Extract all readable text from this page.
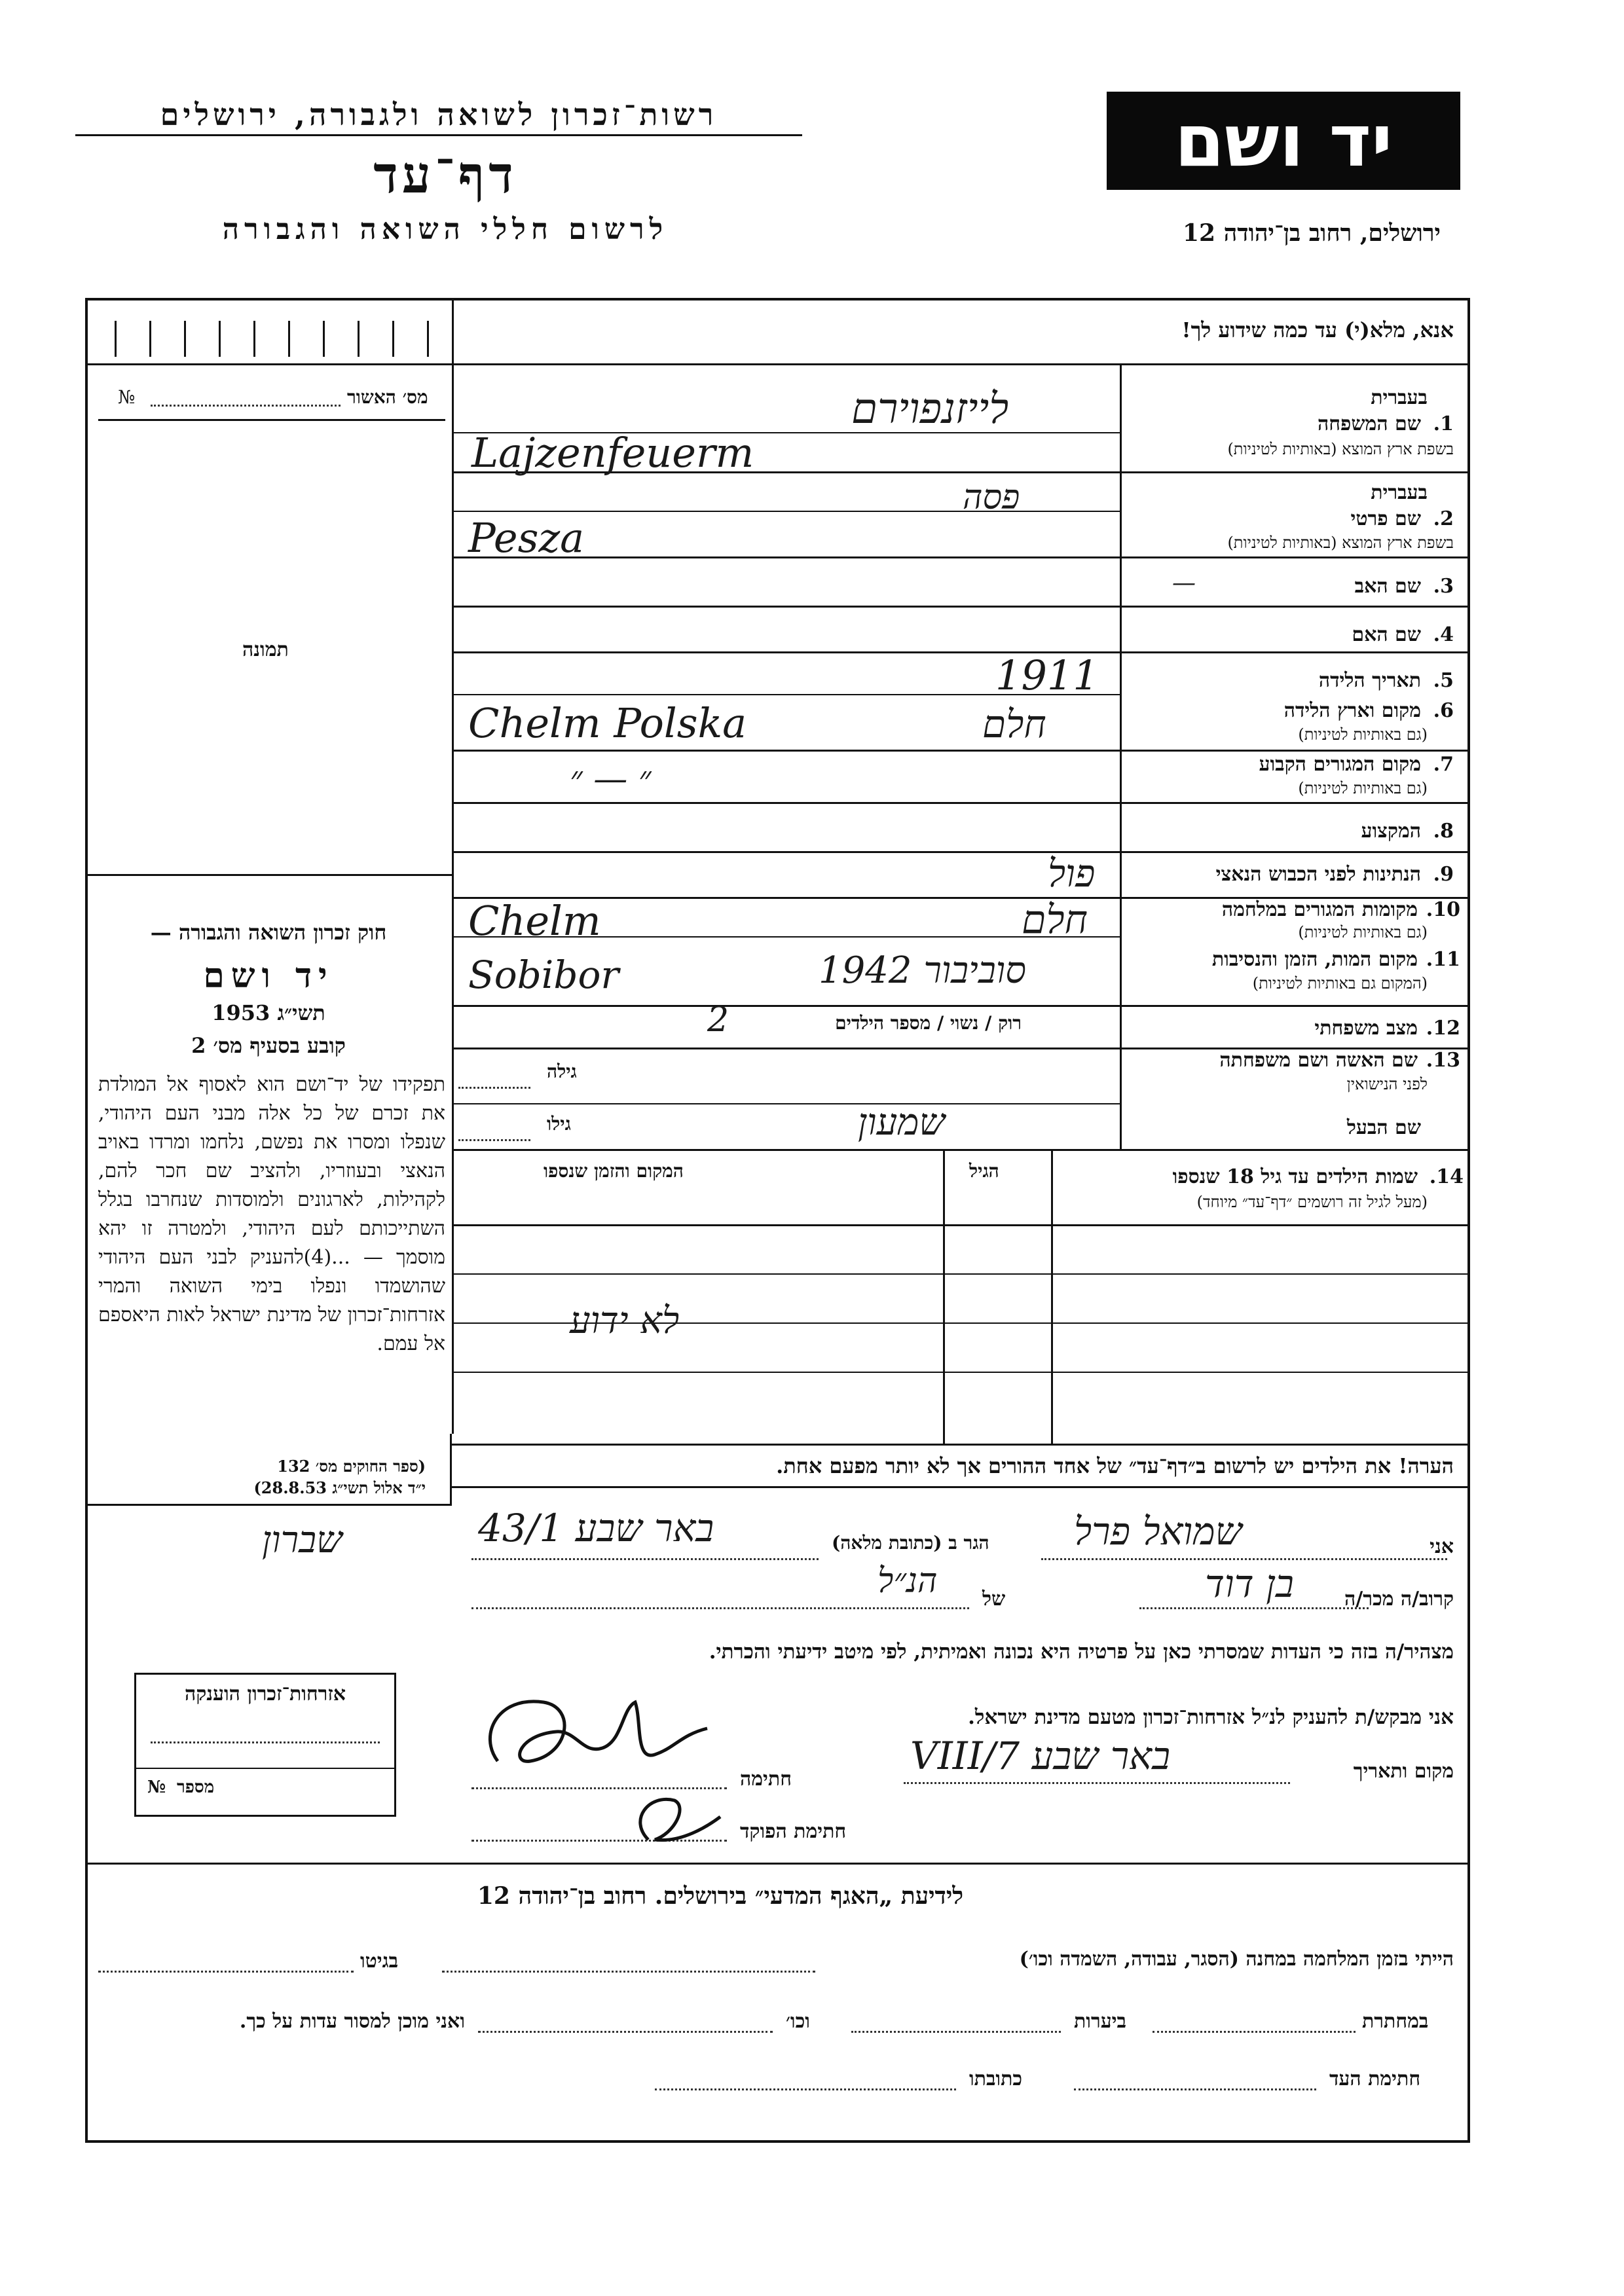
רשות־זכרון לשואה ולגבורה, ירושלים
דף־עד
לרשום חללי השואה והגבורה
יד ושם
ירושלים, רחוב בן־יהודה 12
מס׳ האשור
№
תמונה
חוק זכרון השואה והגבורה —
יד ושם
תשי״ג 1953
קובע בסעיף מס׳ 2
תפקידו של יד־ושם הוא לאסוף אל המולדת את זכרם של כל אלה מבני העם היהודי, שנפלו ומסרו את נפשם, נלחמו ומרדו באויב הנאצי ובעוזריו, ולהציב שם חכר להם, לקהילות, לארגונים ולמוסדות שנחרבו בגלל השתייכותם לעם היהודי, ולמטרה זו יהא מוסמך — ...(4)להעניק לבני העם היהודי שהושמדו ונפלו בימי השואה והמרי אזרחות־זכרון של מדינת ישראל לאות היאספם אל עמם.
(ספר החוקים מס׳ 132
י״ד אלול תשי״ג 28.8.53)
אנא, מלא(י) עד כמה שידוע לך!
בעברית
1.
שם המשפחה
בשפת ארץ המוצא (באותיות לטיניות)
בעברית
2.
שם פרטי
בשפת ארץ המוצא (באותיות לטיניות)
3.
שם האב
4.
שם האם
5.
תאריך הלידה
6.
מקום וארץ הלידה
(גם באותיות לטיניות)
7.
מקום המגורים הקבוע
(גם באותיות לטיניות)
8.
המקצוע
9.
הנתינות לפני הכבוש הנאצי
10.
מקומות המגורים במלחמה
(גם באותיות לטיניות)
11.
מקום המות, הזמן והנסיבות
(המקום גם באותיות לטיניות)
12.
מצב משפחתי
רוק / נשוי / מספר הילדים
2
13.
שם האשה ושם משפחתה
לפני הנישואין
גילה
שם הבעל
גילו	שמעון
לייזנפוירם
Lajzenfeuerm
פסה
Pesza
—
1911
חלם
Chelm Polska
״ — ״
פול
חלם
Chelm
סוביבור 1942
Sobibor
14.
שמות הילדים עד גיל 18 שנספו
(מעל לגיל זה רושמים ״דף־עד״ מיוחד)
הגיל
המקום והזמן שנספו
לא ידוע
הערה! את הילדים יש לרשום ב״דף־עד״ של אחד ההורים אך לא יותר מפעם אחת.
אני
שמואל פרל
הגר ב (כתובת מלאה)
באר שבע 43/1
שברון
קרוב/ה מכר/ה
בן דוד
של
הנ״ל
מצהיר/ה בזה כי העדות שמסרתי כאן על פרטיה היא נכונה ואמיתית, לפי מיטב ידיעתי והכרתי.
אני מבקש/ת להעניק לנ״ל אזרחות־זכרון מטעם מדינת ישראל.
מקום ותאריך
באר שבע 7/VIII
חתימה
חתימת הפוקד
אזרחות־זכרון הוענקה
מספר
№
לידיעת „האגף המדעי״ בירושלים. רחוב בן־יהודה 12
הייתי בזמן המלחמה במחנה (הסגר, עבודה, השמדה וכו׳)
בגיטו
במחתרת
ביערות
וכו׳
ואני מוכן למסור עדות על כך.
חתימת העד
כתובתו
